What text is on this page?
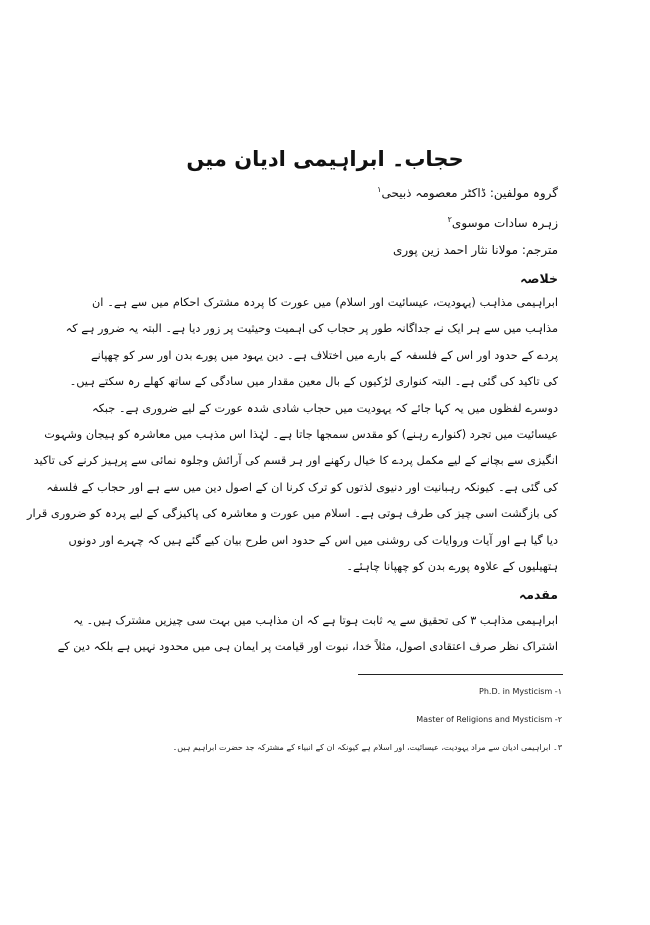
حجاب۔ ابراہیمی ادیان میں
گروہ مولفین: ڈاکٹر معصومہ ذبیحی$^۱$
زہرہ سادات موسوی$^۲$
مترجم: مولانا نثار احمد زین پوری
خلاصہ
ابراہیمی مذاہب (یہودیت، عیسائیت اور اسلام) میں عورت کا پردہ مشترک احکام میں سے ہے۔ ان
مذاہب میں سے ہر ایک نے جداگانہ طور پر حجاب کی اہمیت وحیثیت پر زور دیا ہے۔ البتہ یہ ضرور ہے کہ
پردے کے حدود اور اس کے فلسفہ کے بارے میں اختلاف ہے۔ دین یہود میں پورے بدن اور سر کو چھپانے
کی تاکید کی گئی ہے۔ البتہ کنواری لڑکیوں کے بال معین مقدار میں سادگی کے ساتھ کھلے رہ سکتے ہیں۔
دوسرے لفظوں میں یہ کہا جائے کہ یہودیت میں حجاب شادی شدہ عورت کے لیے ضروری ہے۔ جبکہ
عیسائیت میں تجرد (کنوارے رہنے) کو مقدس سمجھا جاتا ہے۔ لہٰذا اس مذہب میں معاشرہ کو ہیجان وشہوت
انگیزی سے بچانے کے لیے مکمل پردے کا خیال رکھنے اور ہر قسم کی آرائش وجلوہ نمائی سے پرہیز کرنے کی تاکید
کی گئی ہے۔ کیونکہ رہبانیت اور دنیوی لذتوں کو ترک کرنا ان کے اصول دین میں سے ہے اور حجاب کے فلسفہ
کی بازگشت اسی چیز کی طرف ہوتی ہے۔ اسلام میں عورت و معاشرہ کی پاکیزگی کے لیے پردہ کو ضروری قرار
دیا گیا ہے اور آیات وروایات کی روشنی میں اس کے حدود اس طرح بیان کیے گئے ہیں کہ چہرے اور دونوں
ہتھیلیوں کے علاوہ پورے بدن کو چھپانا چاہئے۔
مقدمہ
ابراہیمی مذاہب ۳ کی تحقیق سے یہ ثابت ہوتا ہے کہ ان مذاہب میں بہت سی چیزیں مشترک ہیں۔ یہ
اشتراک نظر صرف اعتقادی اصول، مثلاً خدا، نبوت اور قیامت پر ایمان ہی میں محدود نہیں ہے بلکہ دین کے
Ph.D. in Mysticism -۱
Master of Religions and Mysticism -۲
۳۔ ابراہیمی ادیان سے مراد یہودیت، عیسائیت، اور اسلام ہے کیونکہ ان کے انبیاء کے مشترکہ جد حضرت ابراہیم ہیں۔
